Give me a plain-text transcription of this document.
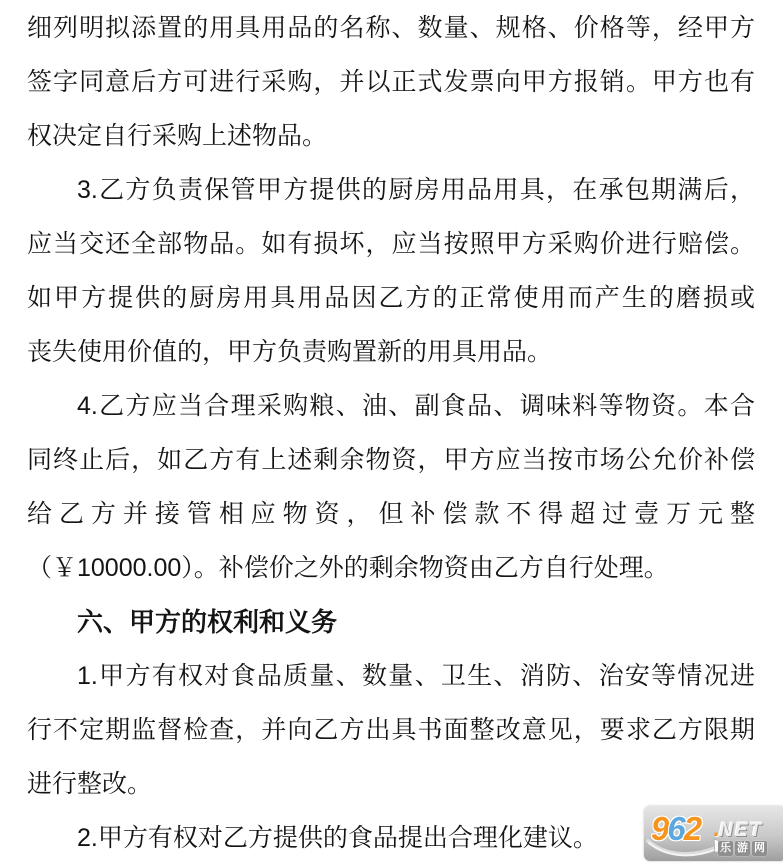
细列明拟添置的用具用品的名称、数量、规格、价格等，经甲方
签字同意后方可进行采购，并以正式发票向甲方报销。甲方也有
权决定自行采购上述物品。
3.乙方负责保管甲方提供的厨房用品用具，在承包期满后，
应当交还全部物品。如有损坏，应当按照甲方采购价进行赔偿。
如甲方提供的厨房用具用品因乙方的正常使用而产生的磨损或
丧失使用价值的，甲方负责购置新的用具用品。
4.乙方应当合理采购粮、油、副食品、调味料等物资。本合
同终止后，如乙方有上述剩余物资，甲方应当按市场公允价补偿
给乙方并接管相应物资，但补偿款不得超过壹万元整
（￥10000.00）。补偿价之外的剩余物资由乙方自行处理。
六、甲方的权利和义务
1.甲方有权对食品质量、数量、卫生、消防、治安等情况进
行不定期监督检查，并向乙方出具书面整改意见，要求乙方限期
进行整改。
2.甲方有权对乙方提供的食品提出合理化建议。	962 .NET
乐 游 网
